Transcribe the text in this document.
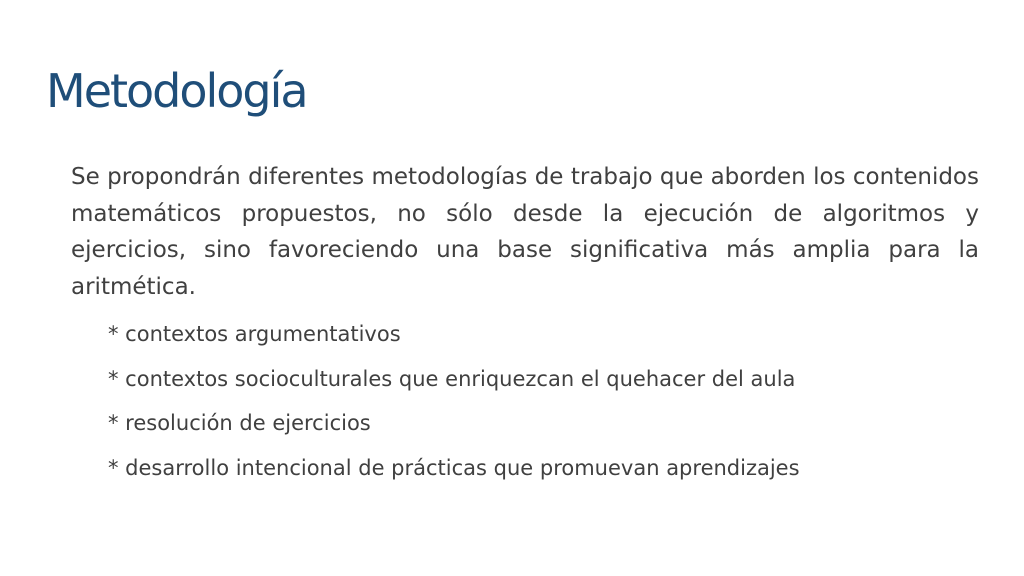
Metodología

Se propondrán diferentes metodologías de trabajo que aborden los contenidos matemáticos propuestos, no sólo desde la ejecución de algoritmos y ejercicios, sino favoreciendo una base significativa más amplia para la aritmética.

* contextos argumentativos
* contextos socioculturales que enriquezcan el quehacer del aula
* resolución de ejercicios
* desarrollo intencional de prácticas que promuevan aprendizajes
